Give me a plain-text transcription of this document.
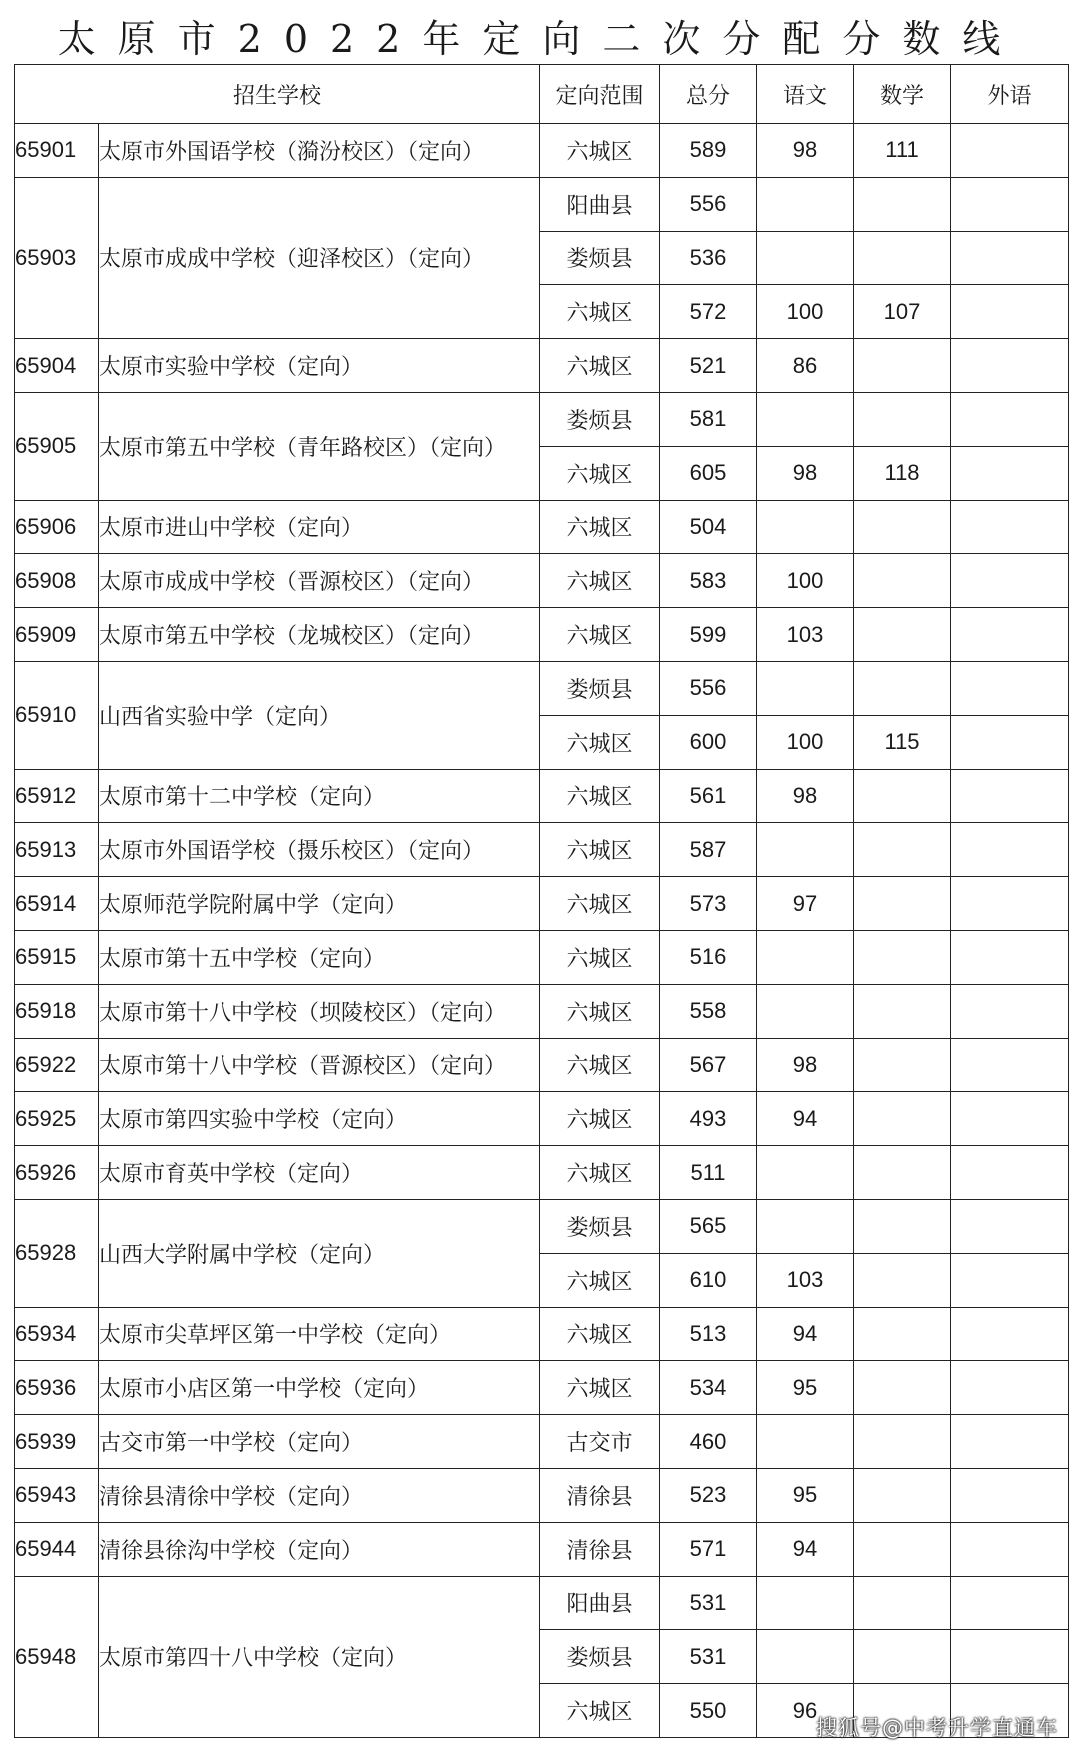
太原市2022年定向二次分配分数线
招生学校		定向范围	总分	语文	数学	外语
65901	太原市外国语学校（漪汾校区）（定向）	六城区	589	98	111	
65903	太原市成成中学校（迎泽校区）（定向）	阳曲县	556			
		娄烦县	536			
		六城区	572	100	107	
65904	太原市实验中学校（定向）	六城区	521	86		
65905	太原市第五中学校（青年路校区）（定向）	娄烦县	581			
		六城区	605	98	118	
65906	太原市进山中学校（定向）	六城区	504			
65908	太原市成成中学校（晋源校区）（定向）	六城区	583	100		
65909	太原市第五中学校（龙城校区）（定向）	六城区	599	103		
65910	山西省实验中学（定向）	娄烦县	556			
		六城区	600	100	115	
65912	太原市第十二中学校（定向）	六城区	561	98		
65913	太原市外国语学校（摄乐校区）（定向）	六城区	587			
65914	太原师范学院附属中学（定向）	六城区	573	97		
65915	太原市第十五中学校（定向）	六城区	516			
65918	太原市第十八中学校（坝陵校区）（定向）	六城区	558			
65922	太原市第十八中学校（晋源校区）（定向）	六城区	567	98		
65925	太原市第四实验中学校（定向）	六城区	493	94		
65926	太原市育英中学校（定向）	六城区	511			
65928	山西大学附属中学校（定向）	娄烦县	565			
		六城区	610	103		
65934	太原市尖草坪区第一中学校（定向）	六城区	513	94		
65936	太原市小店区第一中学校（定向）	六城区	534	95		
65939	古交市第一中学校（定向）	古交市	460			
65943	清徐县清徐中学校（定向）	清徐县	523	95		
65944	清徐县徐沟中学校（定向）	清徐县	571	94		
65948	太原市第四十八中学校（定向）	阳曲县	531			
		娄烦县	531			
		六城区	550	96		
搜狐号@中考升学直通车
